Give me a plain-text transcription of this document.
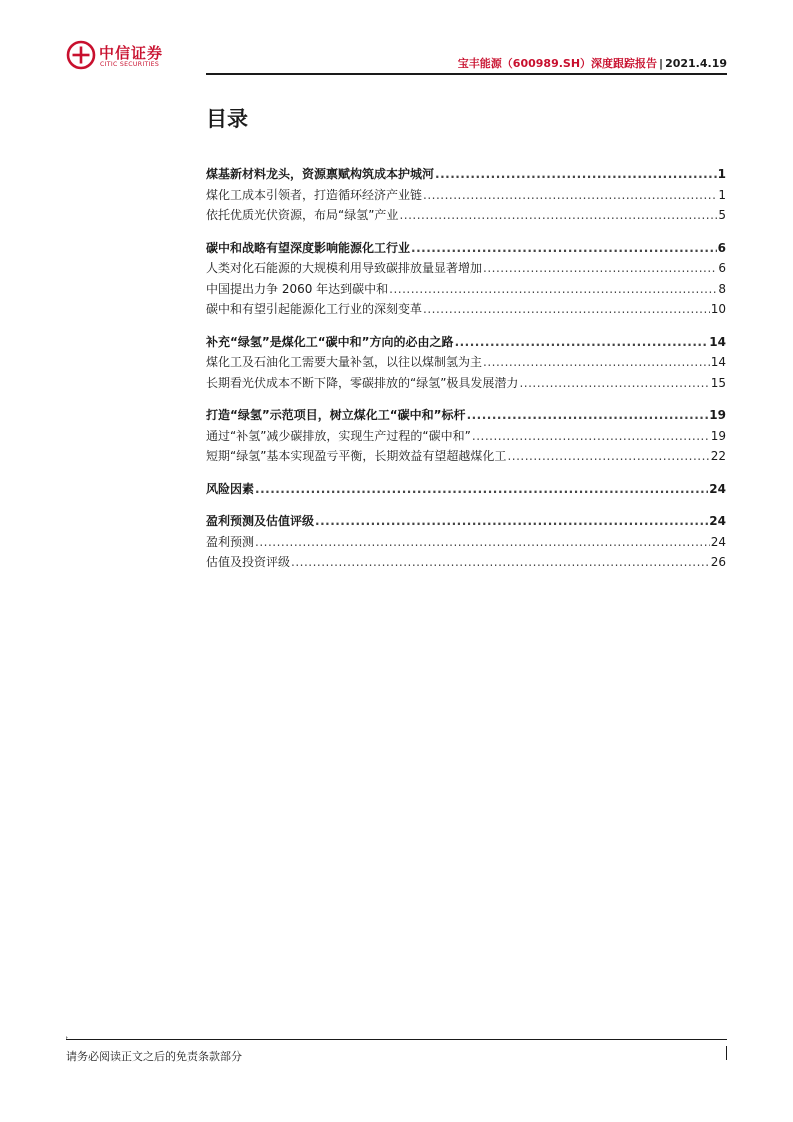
中信证券
CITIC SECURITIES	宝丰能源（600989.SH）深度跟踪报告 | 2021.4.19
目录
煤基新材料龙头，资源禀赋构筑成本护城河 .....	1
煤化工成本引领者，打造循环经济产业链 .....	1
依托优质光伏资源，布局“绿氢”产业 .....	5
碳中和战略有望深度影响能源化工行业 .....	6
人类对化石能源的大规模利用导致碳排放量显著增加 .....	6
中国提出力争 2060 年达到碳中和 .....	8
碳中和有望引起能源化工行业的深刻变革 .....	10
补充“绿氢”是煤化工“碳中和”方向的必由之路 .....	14
煤化工及石油化工需要大量补氢，以往以煤制氢为主 .....	14
长期看光伏成本不断下降，零碳排放的“绿氢”极具发展潜力 .....	15
打造“绿氢”示范项目，树立煤化工“碳中和”标杆 .....	19
通过“补氢”减少碳排放，实现生产过程的“碳中和” .....	19
短期“绿氢”基本实现盈亏平衡，长期效益有望超越煤化工 .....	22
风险因素 .....	24
盈利预测及估值评级 .....	24
盈利预测 .....	24
估值及投资评级 .....	26
t
请务必阅读正文之后的免责条款部分
